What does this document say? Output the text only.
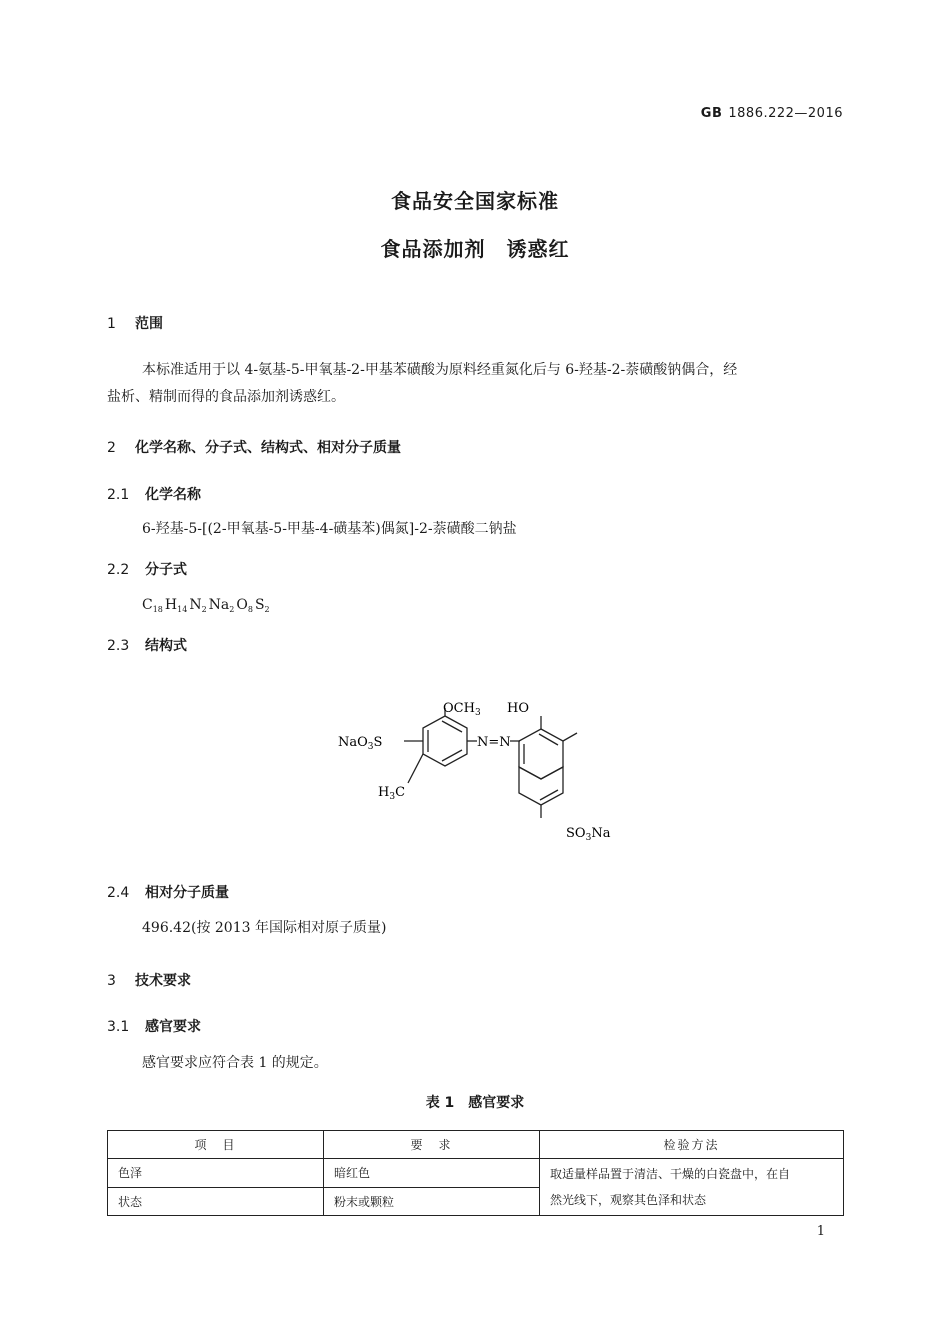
GB 1886.222—2016
食品安全国家标准
食品添加剂　诱惑红
1 范围
本标准适用于以 4-氨基-5-甲氧基-2-甲基苯磺酸为原料经重氮化后与 6-羟基-2-萘磺酸钠偶合，经
盐析、精制而得的食品添加剂诱惑红。
2 化学名称、分子式、结构式、相对分子质量
2.1 化学名称
6-羟基-5-[(2-甲氧基-5-甲基-4-磺基苯)偶氮]-2-萘磺酸二钠盐
2.2 分子式
$C_{18}$ $H_{14}$ $N_2$ $Na_2$ $O_8$ $S_2$
2.3 结构式
$OCH_3$ HO
NaO$_3$S	N=N
$H_3C$
$SO_3Na$
2.4 相对分子质量
496.42(按 2013 年国际相对原子质量)
3 技术要求
3.1 感官要求
感官要求应符合表 1 的规定。
表 1　感官要求
项　目	要　求	检验方法
色泽	暗红色	取适量样品置于清洁、干燥的白瓷盘中，在自
然光线下，观察其色泽和状态
状态	粉末或颗粒	
1
